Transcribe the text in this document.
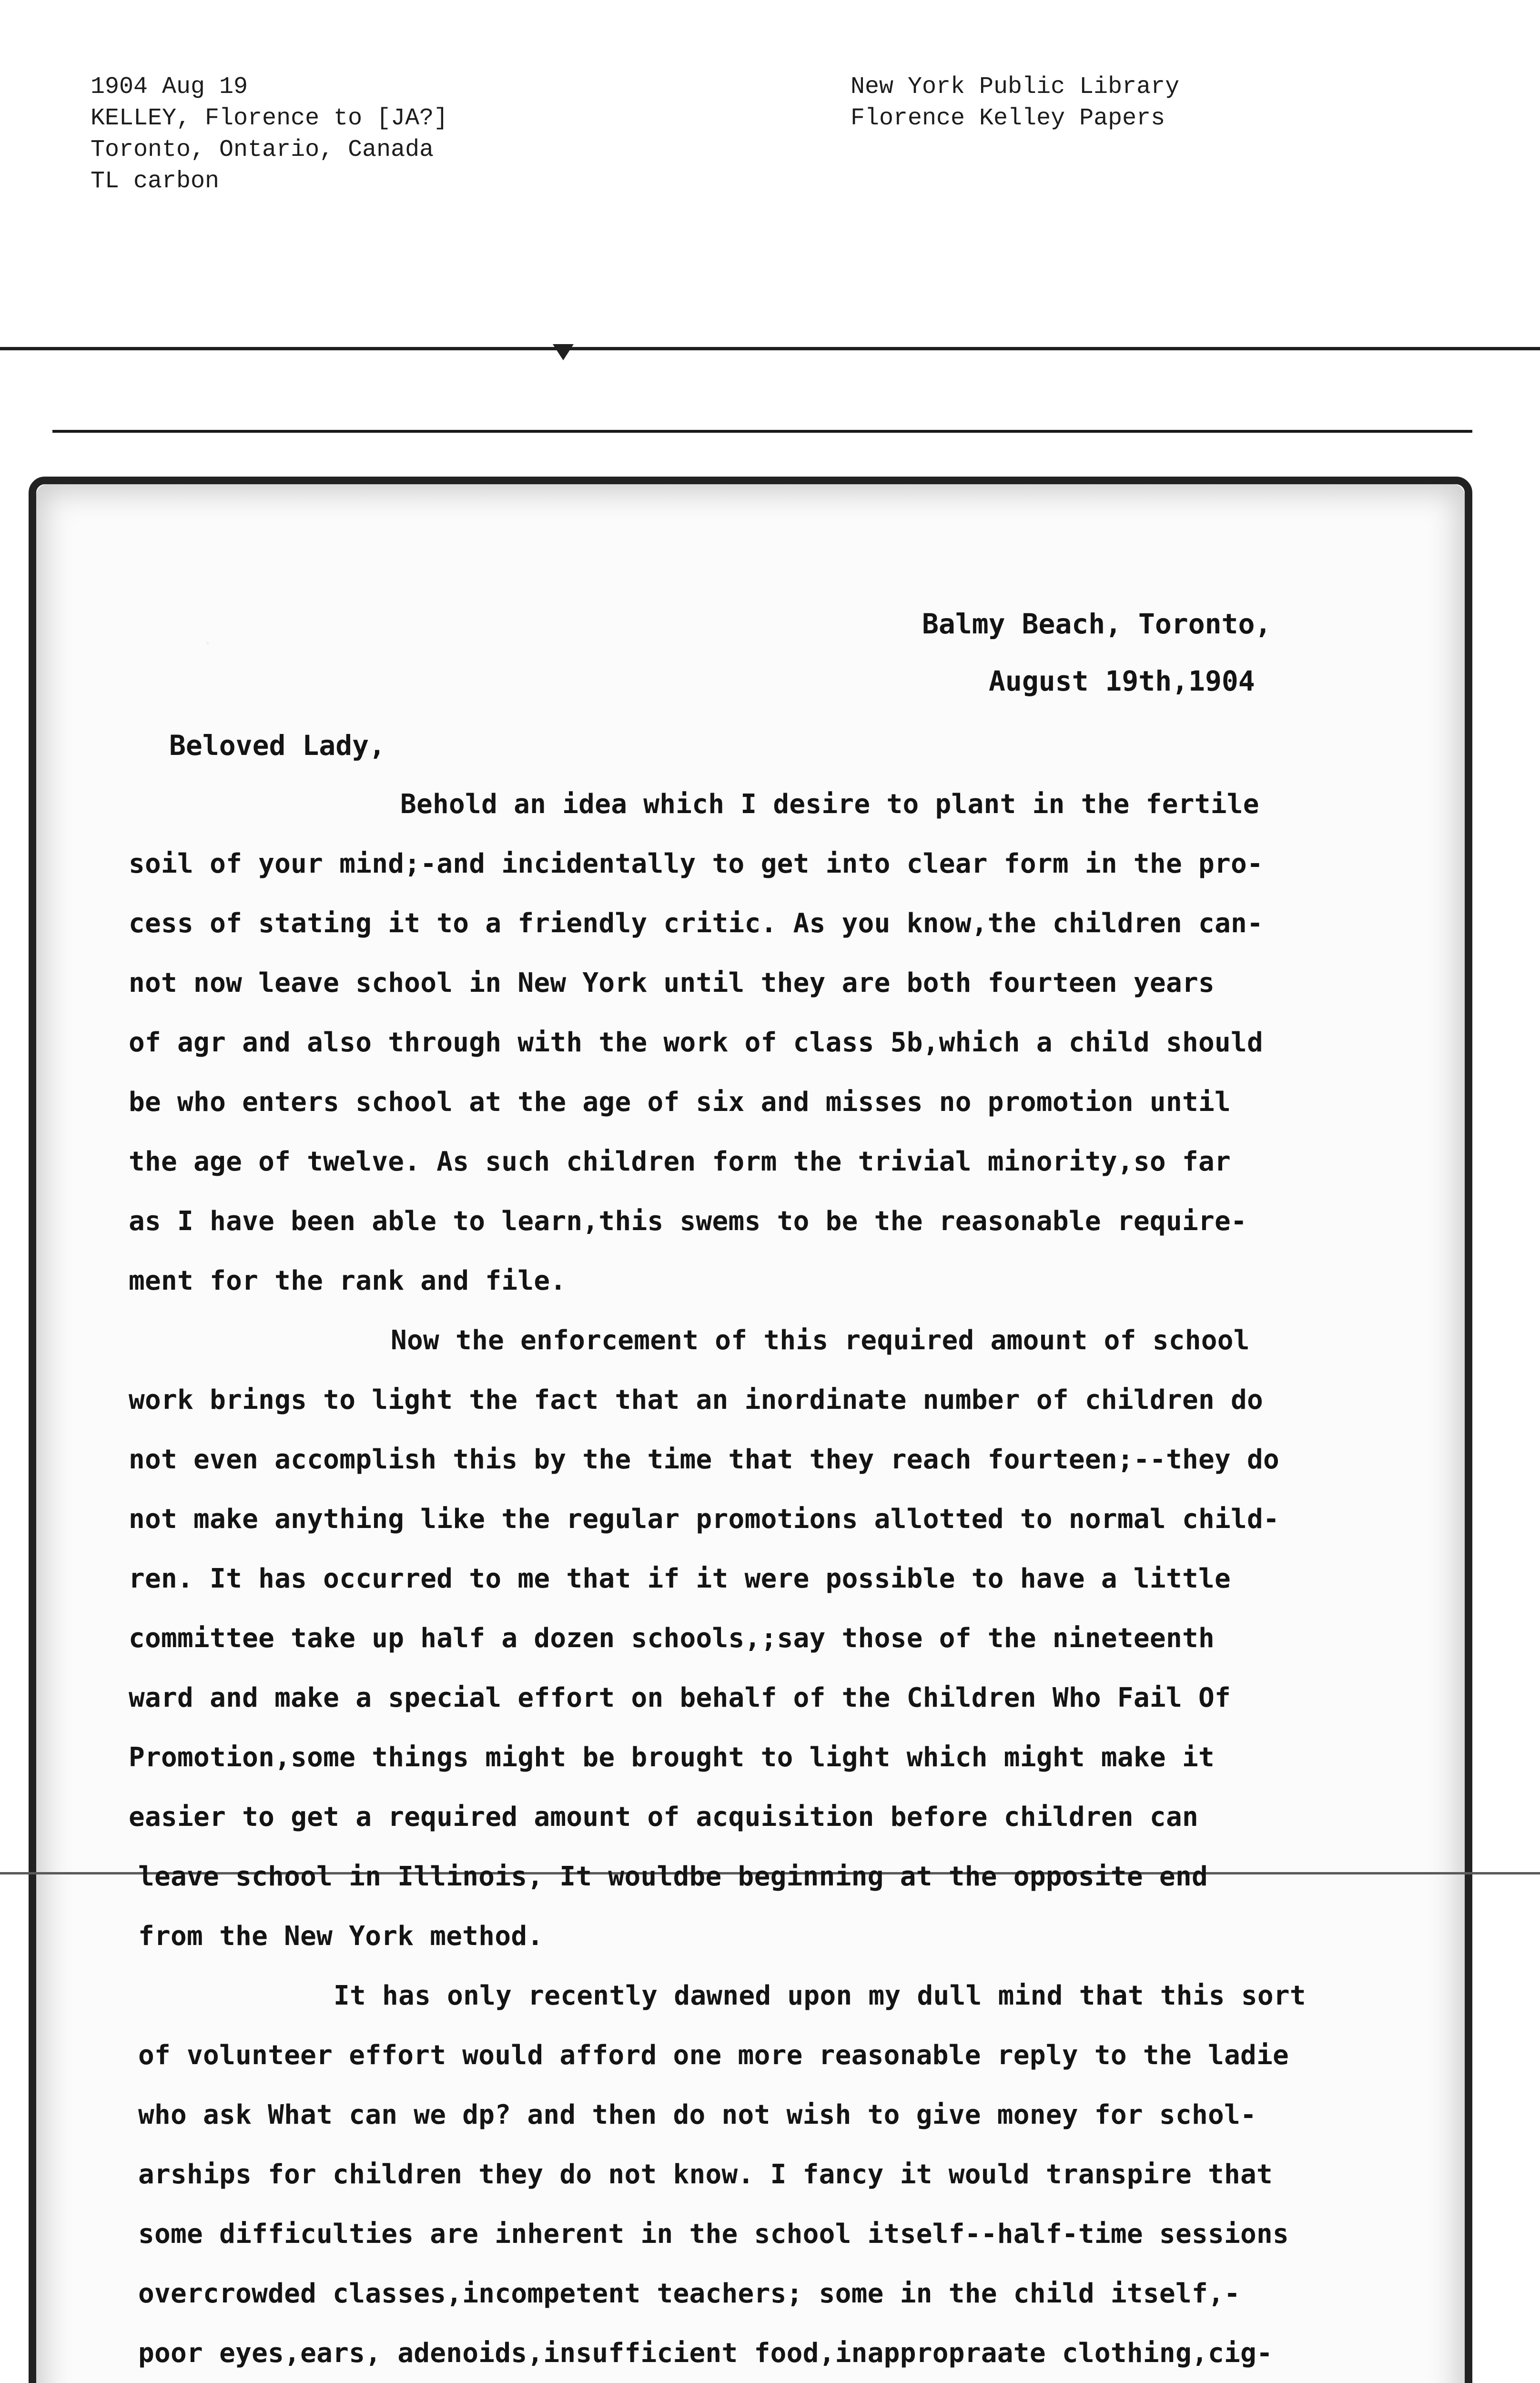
1904 Aug 19
KELLEY, Florence to [JA?]
Toronto, Ontario, Canada
TL carbon
New York Public Library
Florence Kelley Papers
Balmy Beach, Toronto,
August 19th,1904
Beloved Lady,
Behold an idea which I desire to plant in the fertile
soil of your mind;-and incidentally to get into clear form in the pro-
cess of stating it to a friendly critic. As you know,the children can-
not now leave school in New York until they are both fourteen years
of agr and also through with the work of class 5b,which a child should
be who enters school at the age of six and misses no promotion until
the age of twelve. As such children form the trivial minority,so far
as I have been able to learn,this swems to be the reasonable require-
ment for the rank and file.
Now the enforcement of this required amount of school
work brings to light the fact that an inordinate number of children do
not even accomplish this by the time that they reach fourteen;--they do
not make anything like the regular promotions allotted to normal child-
ren. It has occurred to me that if it were possible to have a little
committee take up half a dozen schools,;say those of the nineteenth
ward and make a special effort on behalf of the Children Who Fail Of
Promotion,some things might be brought to light which might make it
easier to get a required amount of acquisition before children can
leave school in Illinois, It wouldbe beginning at the opposite end
from the New York method.
It has only recently dawned upon my dull mind that this sort
of volunteer effort would afford one more reasonable reply to the ladie
who ask What can we dp? and then do not wish to give money for schol-
arships for children they do not know. I fancy it would transpire that
some difficulties are inherent in the school itself--half-time sessions
overcrowded classes,incompetent teachers; some in the child itself,-
poor eyes,ears, adenoids,insufficient food,inappropraate clothing,cig-
